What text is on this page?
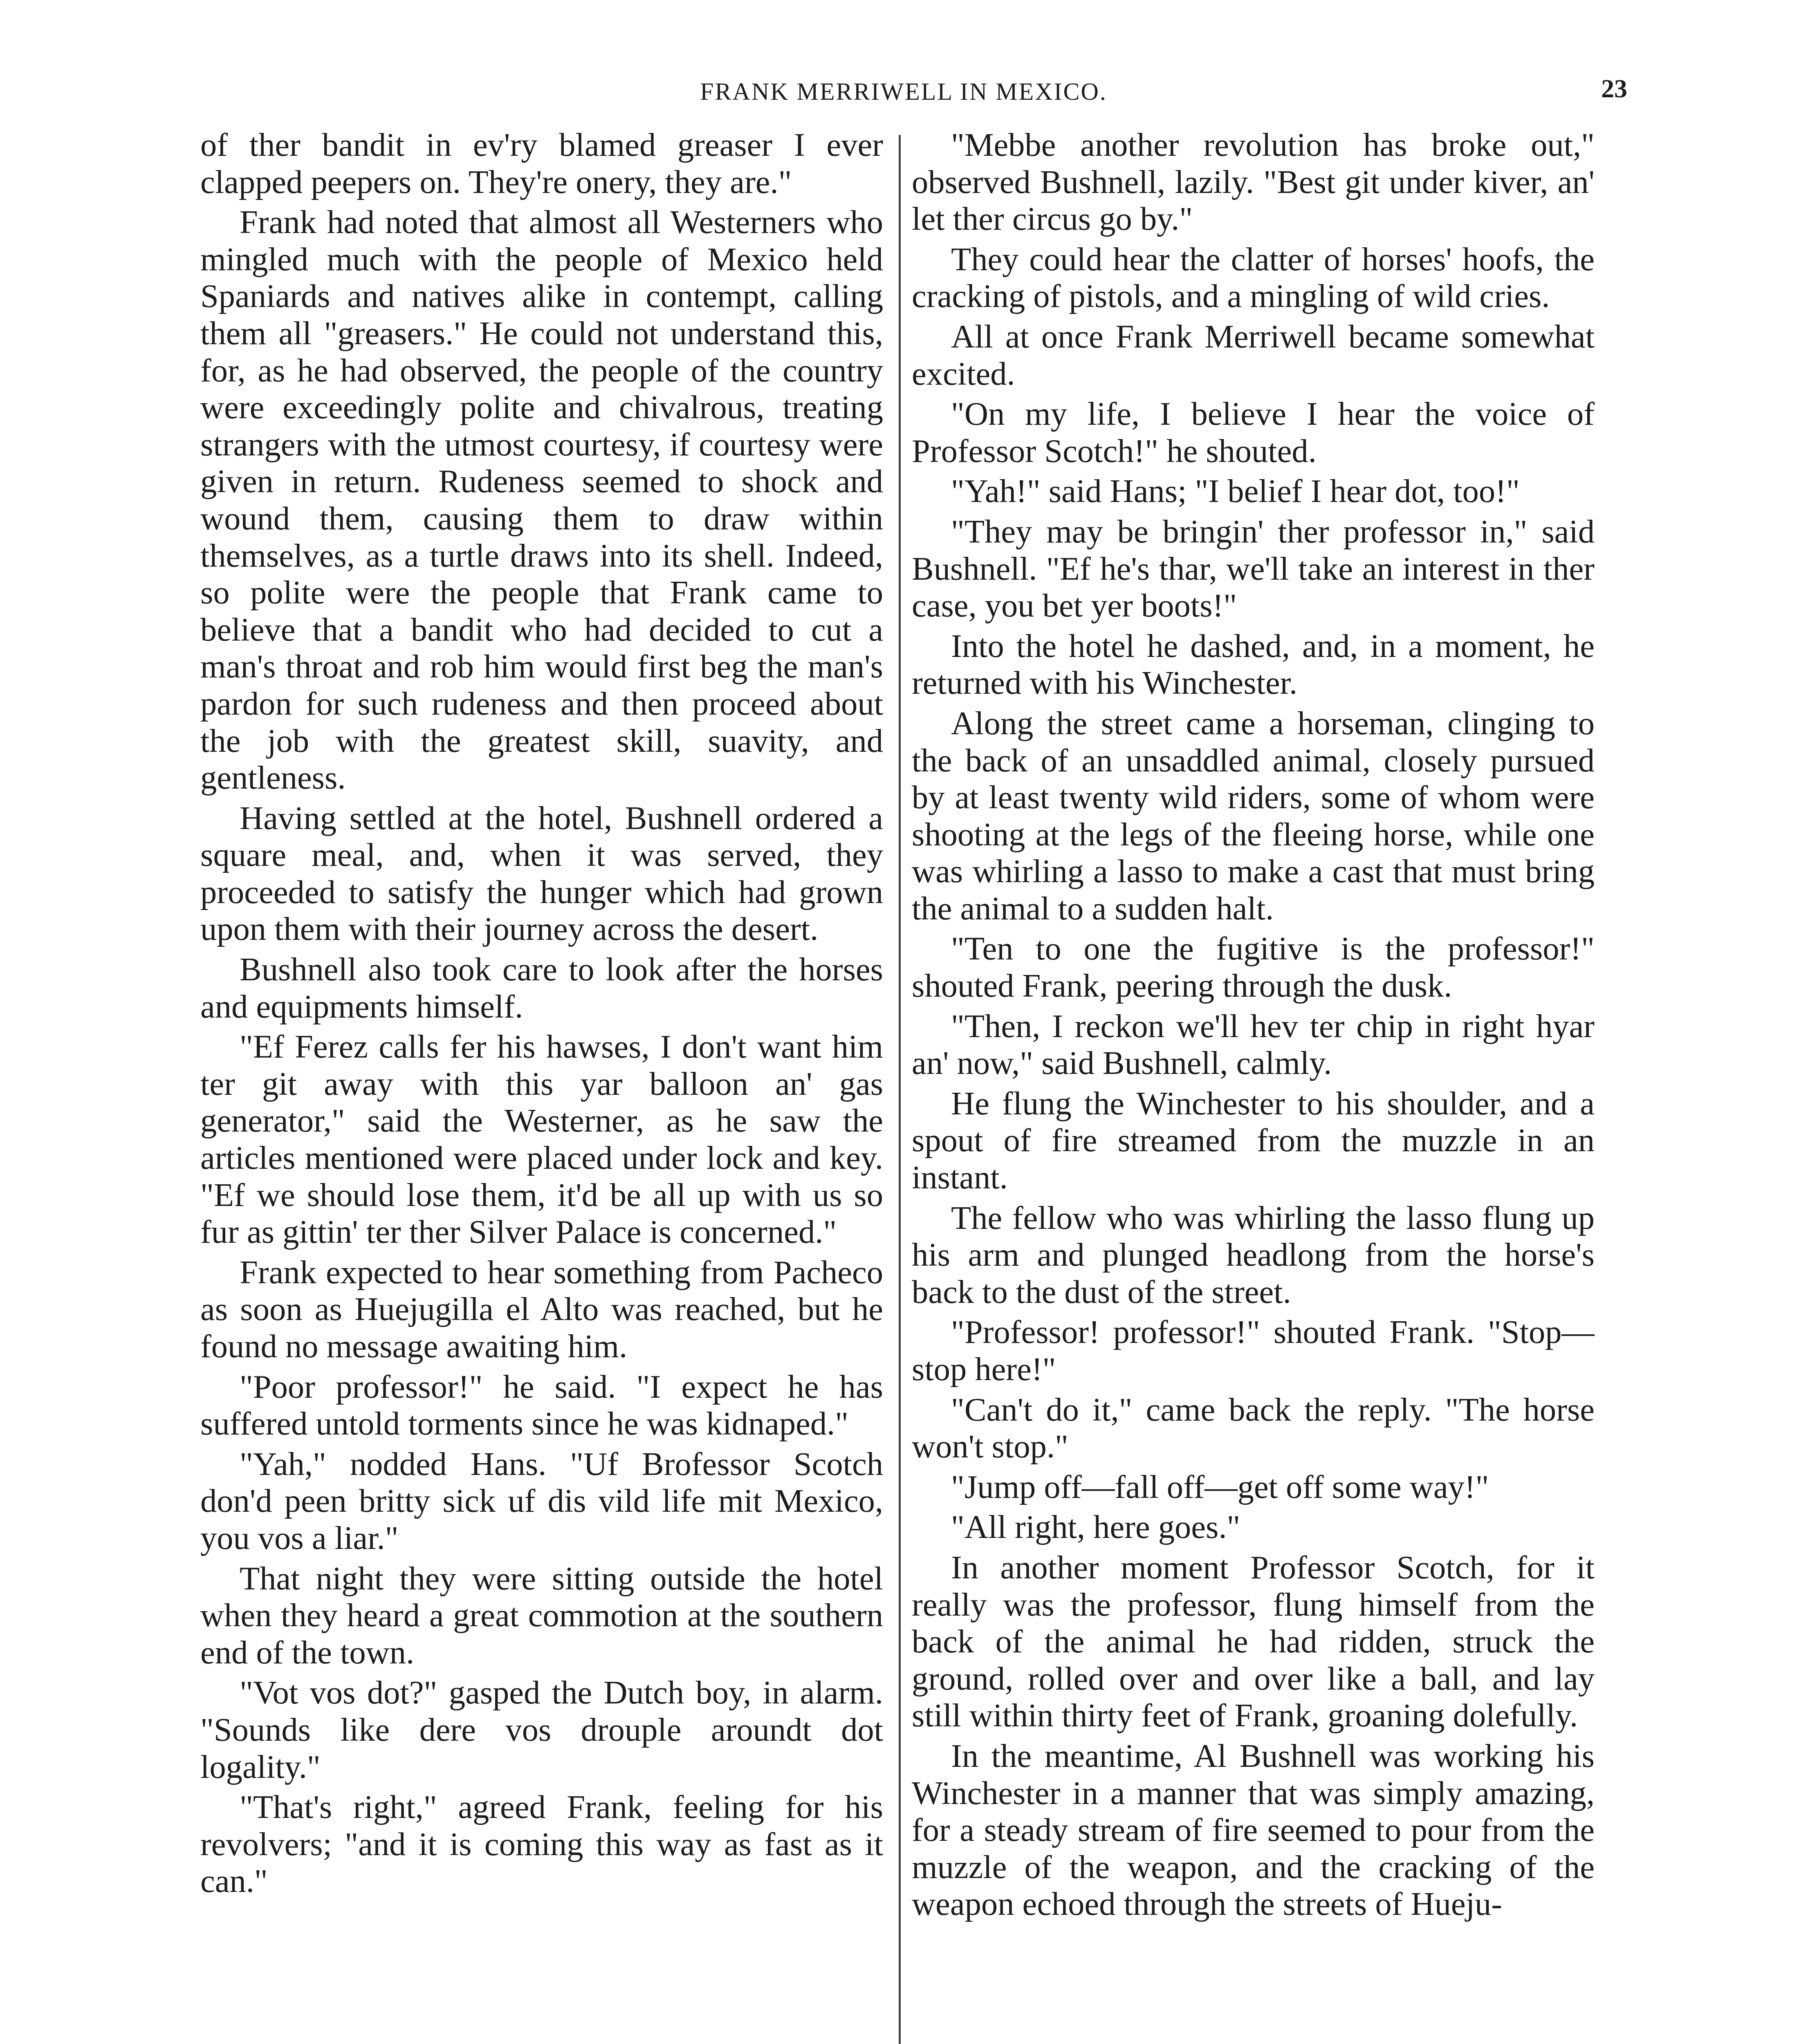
FRANK MERRIWELL IN MEXICO.	23

of ther bandit in ev'ry blamed greaser I ever clapped peepers on. They're onery, they are."

Frank had noted that almost all Westerners who mingled much with the people of Mexico held Spaniards and natives alike in contempt, calling them all "greasers." He could not understand this, for, as he had observed, the people of the country were exceedingly polite and chivalrous, treating strangers with the utmost courtesy, if courtesy were given in return. Rudeness seemed to shock and wound them, causing them to draw within themselves, as a turtle draws into its shell. Indeed, so polite were the people that Frank came to believe that a bandit who had decided to cut a man's throat and rob him would first beg the man's pardon for such rudeness and then proceed about the job with the greatest skill, suavity, and gentleness.

Having settled at the hotel, Bushnell ordered a square meal, and, when it was served, they proceeded to satisfy the hunger which had grown upon them with their journey across the desert.

Bushnell also took care to look after the horses and equipments himself.

"Ef Ferez calls fer his hawses, I don't want him ter git away with this yar balloon an' gas generator," said the Westerner, as he saw the articles mentioned were placed under lock and key. "Ef we should lose them, it'd be all up with us so fur as gittin' ter ther Silver Palace is concerned."

Frank expected to hear something from Pacheco as soon as Huejugilla el Alto was reached, but he found no message awaiting him.

"Poor professor!" he said. "I expect he has suffered untold torments since he was kidnaped."

"Yah," nodded Hans. "Uf Brofessor Scotch don'd peen britty sick uf dis vild life mit Mexico, you vos a liar."

That night they were sitting outside the hotel when they heard a great commotion at the southern end of the town.

"Vot vos dot?" gasped the Dutch boy, in alarm. "Sounds like dere vos drouple aroundt dot logality."

"That's right," agreed Frank, feeling for his revolvers; "and it is coming this way as fast as it can."

"Mebbe another revolution has broke out," observed Bushnell, lazily. "Best git under kiver, an' let ther circus go by."

They could hear the clatter of horses' hoofs, the cracking of pistols, and a mingling of wild cries.

All at once Frank Merriwell became somewhat excited.

"On my life, I believe I hear the voice of Professor Scotch!" he shouted.

"Yah!" said Hans; "I belief I hear dot, too!"

"They may be bringin' ther professor in," said Bushnell. "Ef he's thar, we'll take an interest in ther case, you bet yer boots!"

Into the hotel he dashed, and, in a moment, he returned with his Winchester.

Along the street came a horseman, clinging to the back of an unsaddled animal, closely pursued by at least twenty wild riders, some of whom were shooting at the legs of the fleeing horse, while one was whirling a lasso to make a cast that must bring the animal to a sudden halt.

"Ten to one the fugitive is the professor!" shouted Frank, peering through the dusk.

"Then, I reckon we'll hev ter chip in right hyar an' now," said Bushnell, calmly.

He flung the Winchester to his shoulder, and a spout of fire streamed from the muzzle in an instant.

The fellow who was whirling the lasso flung up his arm and plunged headlong from the horse's back to the dust of the street.

"Professor! professor!" shouted Frank. "Stop—stop here!"

"Can't do it," came back the reply. "The horse won't stop."

"Jump off—fall off—get off some way!"

"All right, here goes."

In another moment Professor Scotch, for it really was the professor, flung himself from the back of the animal he had ridden, struck the ground, rolled over and over like a ball, and lay still within thirty feet of Frank, groaning dolefully.

In the meantime, Al Bushnell was working his Winchester in a manner that was simply amazing, for a steady stream of fire seemed to pour from the muzzle of the weapon, and the cracking of the weapon echoed through the streets of Hueju-
